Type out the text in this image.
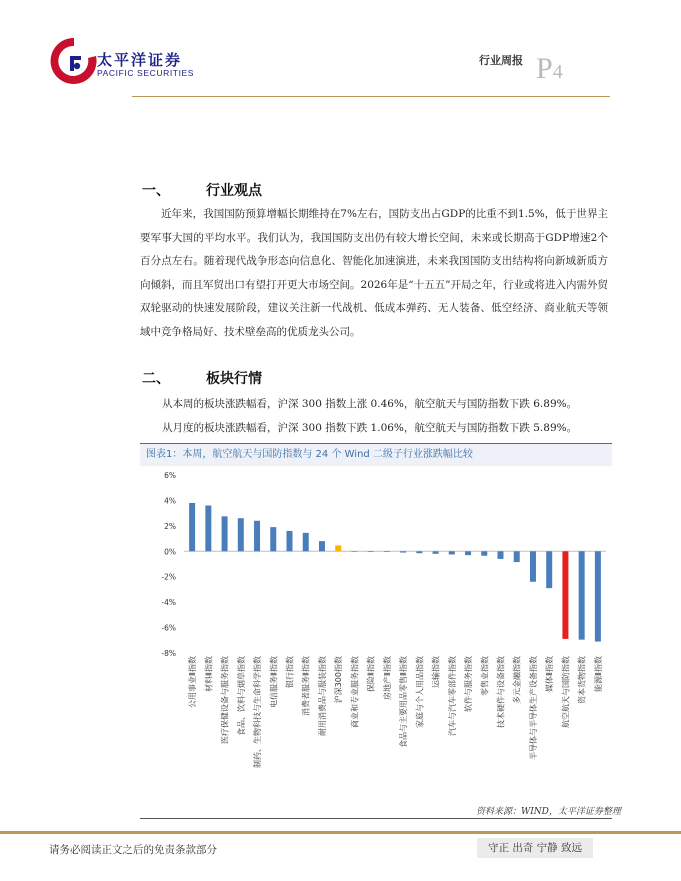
太平洋证券
PACIFIC SECURITIES
行业周报 P4
一、	行业观点
近年来，我国国防预算增幅长期维持在7%左右，国防支出占GDP的比重不到1.5%，低于世界主要军事大国的平均水平。我们认为，我国国防支出仍有较大增长空间，未来或长期高于GDP增速2个百分点左右。随着现代战争形态向信息化、智能化加速演进，未来我国国防支出结构将向新域新质方向倾斜，而且军贸出口有望打开更大市场空间。2026年是“十五五”开局之年，行业或将进入内需外贸双轮驱动的快速发展阶段，建议关注新一代战机、低成本弹药、无人装备、低空经济、商业航天等领域中竞争格局好、技术壁垒高的优质龙头公司。
二、	板块行情
从本周的板块涨跌幅看，沪深 300 指数上涨 0.46%，航空航天与国防指数下跌 6.89%。
从月度的板块涨跌幅看，沪深 300 指数下跌 1.06%，航空航天与国防指数下跌 5.89%。
图表1：本周，航空航天与国防指数与 24 个 Wind 二级子行业涨跌幅比较
6%
4%
2%
0%
-2%
-4%
-6%
-8%
公用事业Ⅱ指数 材料Ⅱ指数 医疗保健设备与服务指数 食品、饮料与烟草指数 制药、生物科技与生命科学指数 电信服务Ⅱ指数 银行指数 消费者服务Ⅱ指数 耐用消费品与服装指数 沪深300指数 商业和专业服务指数 保险Ⅱ指数 房地产Ⅱ指数 食品与主要用品零售Ⅱ指数 家庭与个人用品指数 运输指数 汽车与汽车零部件指数 软件与服务指数 零售业指数 技术硬件与设备指数 多元金融指数 半导体与半导体生产设备指数 媒体Ⅱ指数 航空航天与国防指数 资本货物指数 能源Ⅱ指数
资料来源：WIND，太平洋证券整理
请务必阅读正文之后的免责条款部分	守正 出奇 宁静 致远
